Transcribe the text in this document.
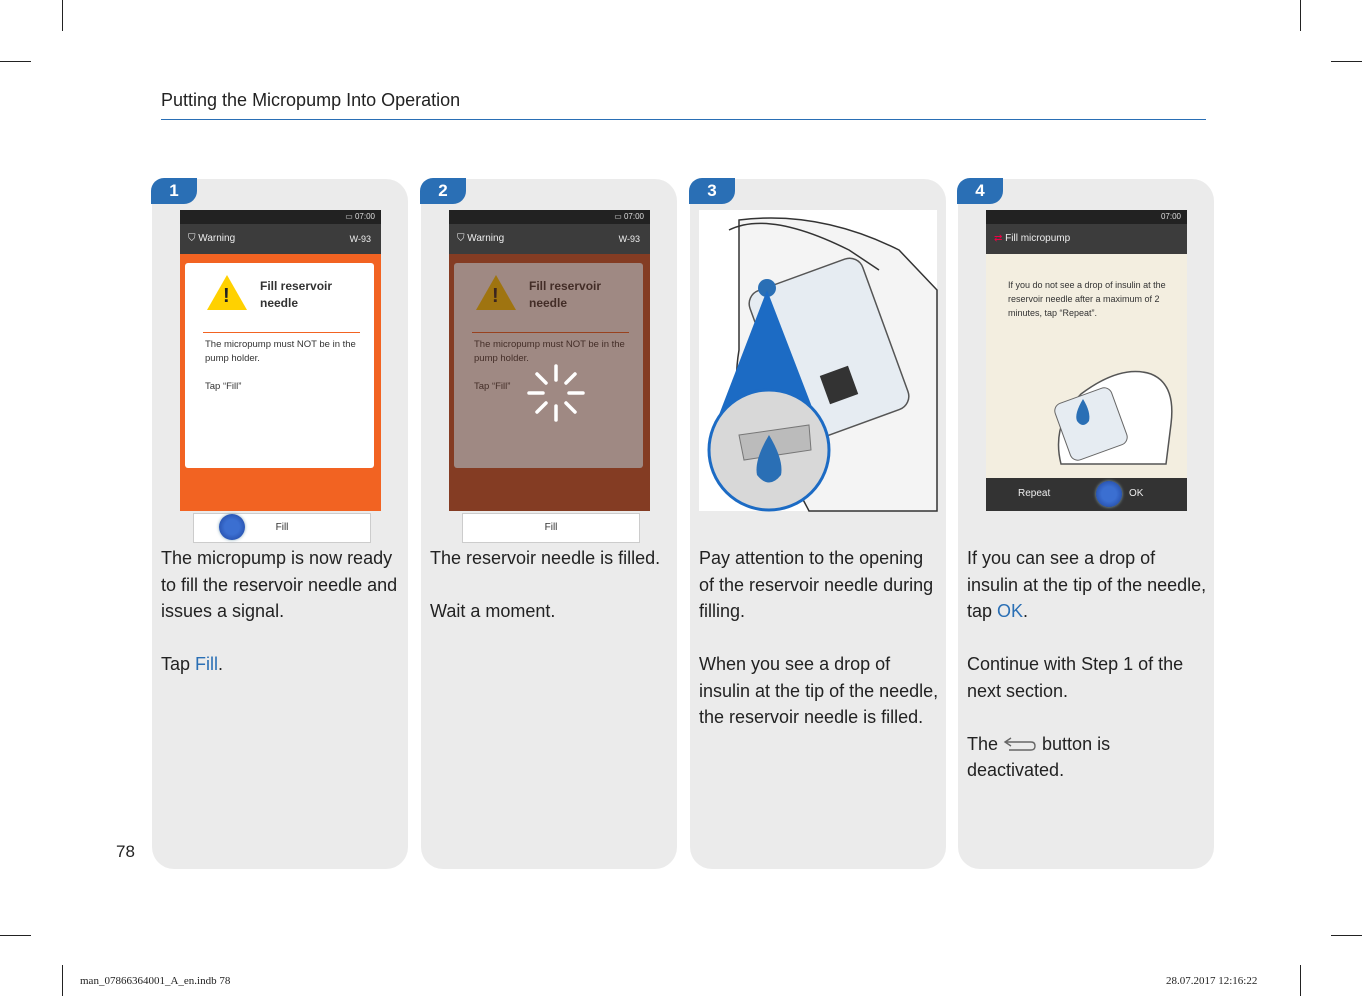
Putting the Micropump Into Operation
1
▭ 07:00
⛉ Warning	W-93
!	Fill reservoir needle
The micropump must NOT be in the pump holder.
Tap “Fill”
Fill

The micropump is now ready to fill the reservoir needle and issues a signal.

Tap Fill.

2
▭ 07:00
⛉ Warning	W-93
Fill

The reservoir needle is filled.

Wait a moment.

3

Pay attention to the opening of the reservoir needle during filling.

When you see a drop of insulin at the tip of the needle, the reservoir needle is filled.

4
07:00
⇄ Fill micropump
If you do not see a drop of insulin at the reservoir needle after a maximum of 2 minutes, tap “Repeat”.
Repeat	OK

If you can see a drop of insulin at the tip of the needle, tap OK.

Continue with Step 1 of the next section.

The  button is deactivated.

78
man_07866364001_A_en.indb 78	28.07.2017 12:16:22
